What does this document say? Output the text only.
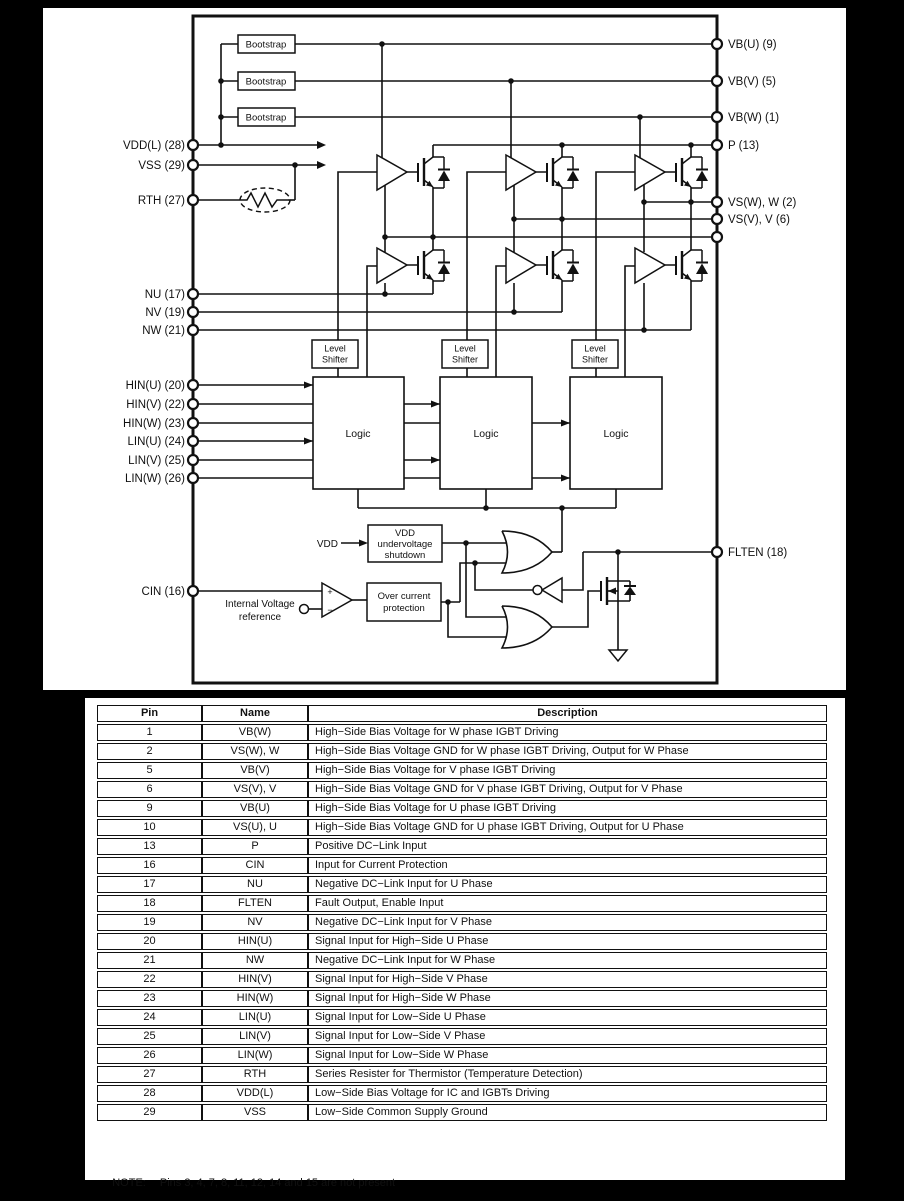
Bootstrap
Bootstrap
Bootstrap
Level
Shifter
Level
Shifter
Level
Shifter
Logic	Logic	Logic
VDD
undervoltage
shutdown
VDD
Over current
protection
+
−
Internal Voltage
reference
VDD(L) (28)
VSS (29)
RTH (27)
NU (17)
NV (19)
NW (21)
HIN(U) (20)
HIN(V) (22)
HIN(W) (23)
LIN(U) (24)
LIN(V) (25)
LIN(W) (26)
CIN (16)
VB(U) (9)
VB(V) (5)
VB(W) (1)
P (13)
VS(W), W (2)
VS(V), V (6)
FLTEN (18)
Pin	Name	Description
1	VB(W)	High−Side Bias Voltage for W phase IGBT Driving
2	VS(W), W	High−Side Bias Voltage GND for W phase IGBT Driving, Output for W Phase
5	VB(V)	High−Side Bias Voltage for V phase IGBT Driving
6	VS(V), V	High−Side Bias Voltage GND for V phase IGBT Driving, Output for V Phase
9	VB(U)	High−Side Bias Voltage for U phase IGBT Driving
10	VS(U), U	High−Side Bias Voltage GND for U phase IGBT Driving, Output for U Phase
13	P	Positive DC−Link Input
16	CIN	Input for Current Protection
17	NU	Negative DC−Link Input for U Phase
18	FLTEN	Fault Output, Enable Input
19	NV	Negative DC−Link Input for V Phase
20	HIN(U)	Signal Input for High−Side U Phase
21	NW	Negative DC−Link Input for W Phase
22	HIN(V)	Signal Input for High−Side V Phase
23	HIN(W)	Signal Input for High−Side W Phase
24	LIN(U)	Signal Input for Low−Side U Phase
25	LIN(V)	Signal Input for Low−Side V Phase
26	LIN(W)	Signal Input for Low−Side W Phase
27	RTH	Series Resister for Thermistor (Temperature Detection)
28	VDD(L)	Low−Side Bias Voltage for IC and IGBTs Driving
29	VSS	Low−Side Common Supply Ground

NOTE: Pins 3, 4, 7, 8, 11, 12, 14 and 15 are not present
